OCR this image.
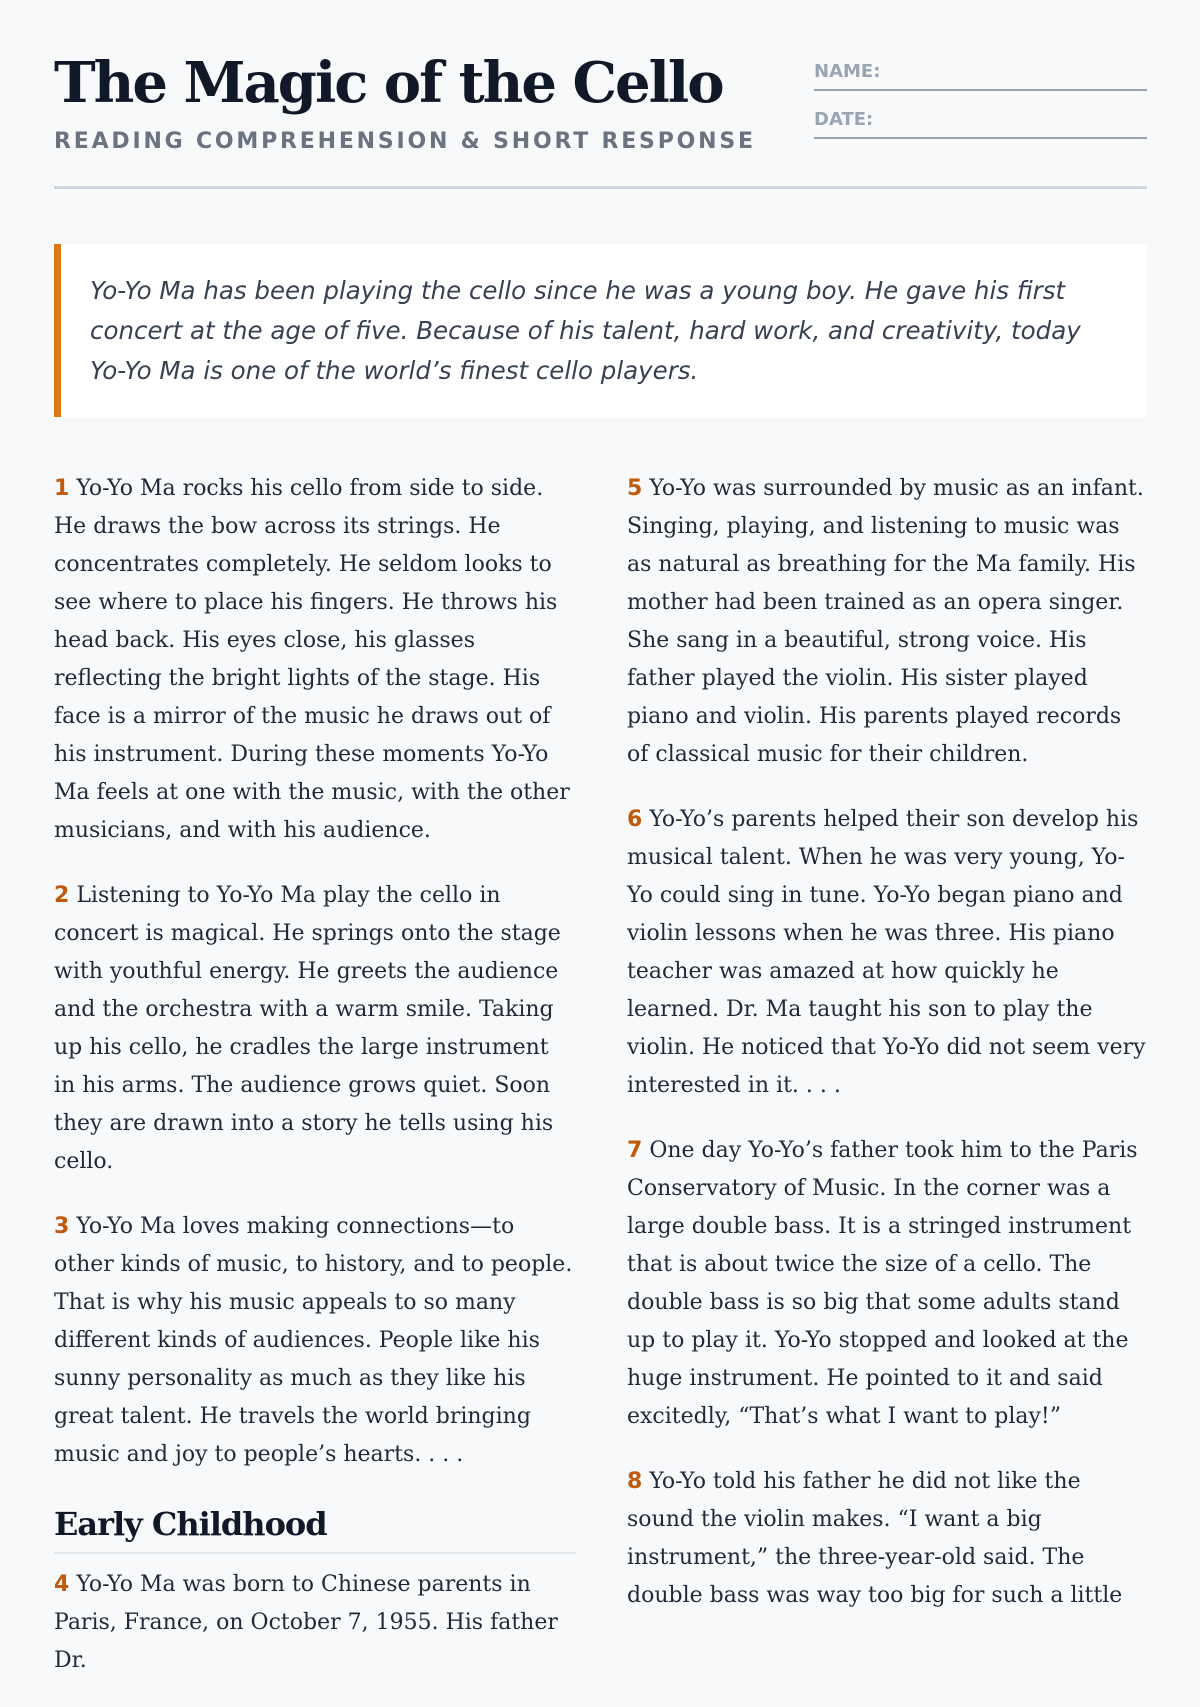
The Magic of the Cello
READING COMPREHENSION & SHORT RESPONSE
NAME:
DATE:
Yo-Yo Ma has been playing the cello since he was a young boy. He gave his first concert at the age of five. Because of his talent, hard work, and creativity, today Yo-Yo Ma is one of the world’s finest cello players.

1 Yo-Yo Ma rocks his cello from side to side. He draws the bow across its strings. He concentrates completely. He seldom looks to see where to place his fingers. He throws his head back. His eyes close, his glasses reflecting the bright lights of the stage. His face is a mirror of the music he draws out of his instrument. During these moments Yo-Yo Ma feels at one with the music, with the other musicians, and with his audience.

2 Listening to Yo-Yo Ma play the cello in concert is magical. He springs onto the stage with youthful energy. He greets the audience and the orchestra with a warm smile. Taking up his cello, he cradles the large instrument in his arms. The audience grows quiet. Soon they are drawn into a story he tells using his cello.

3 Yo-Yo Ma loves making connections—to other kinds of music, to history, and to people. That is why his music appeals to so many different kinds of audiences. People like his sunny personality as much as they like his great talent. He travels the world bringing music and joy to people’s hearts. . . .

Early Childhood

4 Yo-Yo Ma was born to Chinese parents in Paris, France, on October 7, 1955. His father Dr.

5 Yo-Yo was surrounded by music as an infant. Singing, playing, and listening to music was as natural as breathing for the Ma family. His mother had been trained as an opera singer. She sang in a beautiful, strong voice. His father played the violin. His sister played piano and violin. His parents played records of classical music for their children.

6 Yo-Yo’s parents helped their son develop his musical talent. When he was very young, Yo-Yo could sing in tune. Yo-Yo began piano and violin lessons when he was three. His piano teacher was amazed at how quickly he learned. Dr. Ma taught his son to play the violin. He noticed that Yo-Yo did not seem very interested in it. . . .

7 One day Yo-Yo’s father took him to the Paris Conservatory of Music. In the corner was a large double bass. It is a stringed instrument that is about twice the size of a cello. The double bass is so big that some adults stand up to play it. Yo-Yo stopped and looked at the huge instrument. He pointed to it and said excitedly, “That’s what I want to play!”

8 Yo-Yo told his father he did not like the sound the violin makes. “I want a big instrument,” the three-year-old said. The double bass was way too big for such a little
